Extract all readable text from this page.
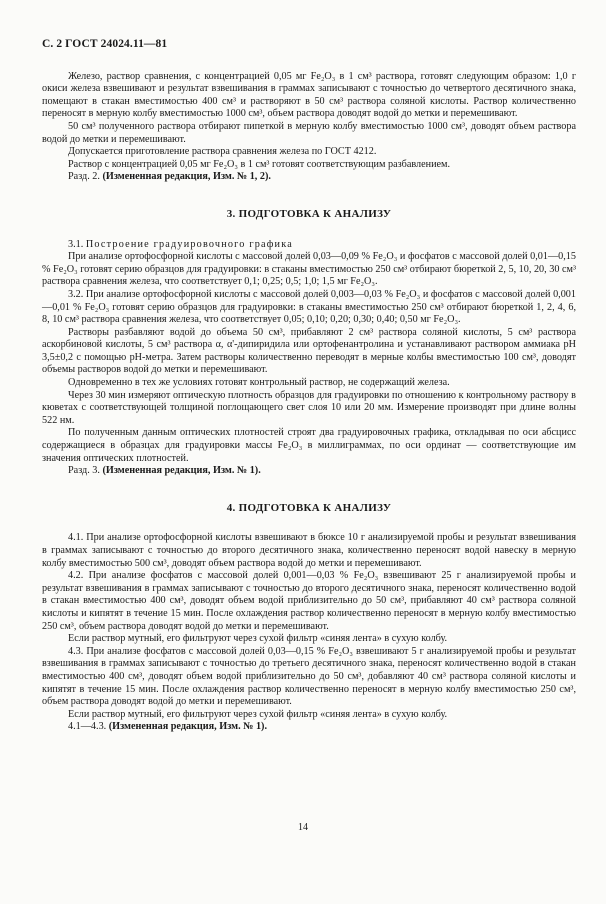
С. 2 ГОСТ 24024.11—81

Железо, раствор сравнения, с концентрацией 0,05 мг Fe₂O₃ в 1 см³ раствора, готовят следующим образом: 1,0 г окиси железа взвешивают и результат взвешивания в граммах записывают с точностью до четвертого десятичного знака, помещают в стакан вместимостью 400 см³ и растворяют в 50 см³ раствора соляной кислоты. Раствор количественно переносят в мерную колбу вместимостью 1000 см³, объем раствора доводят водой до метки и перемешивают.

50 см³ полученного раствора отбирают пипеткой в мерную колбу вместимостью 1000 см³, доводят объем раствора водой до метки и перемешивают.

Допускается приготовление раствора сравнения железа по ГОСТ 4212.

Раствор с концентрацией 0,05 мг Fe₂O₃ в 1 см³ готовят соответствующим разбавлением.

Разд. 2. (Измененная редакция, Изм. № 1, 2).

3. ПОДГОТОВКА К АНАЛИЗУ

3.1. Построение градуировочного графика

При анализе ортофосфорной кислоты с массовой долей 0,03—0,09 % Fe₂O₃ и фосфатов с массовой долей 0,01—0,15 % Fe₂O₃ готовят серию образцов для градуировки: в стаканы вместимостью 250 см³ отбирают бюреткой 2, 5, 10, 20, 30 см³ раствора сравнения железа, что соответствует 0,1; 0,25; 0,5; 1,0; 1,5 мг Fe₂O₃.

3.2. При анализе ортофосфорной кислоты с массовой долей 0,003—0,03 % Fe₂O₃ и фосфатов с массовой долей 0,001—0,01 % Fe₂O₃ готовят серию образцов для градуировки: в стаканы вместимостью 250 см³ отбирают бюреткой 1, 2, 4, 6, 8, 10 см³ раствора сравнения железа, что соответствует 0,05; 0,10; 0,20; 0,30; 0,40; 0,50 мг Fe₂O₃.

Растворы разбавляют водой до объема 50 см³, прибавляют 2 см³ раствора соляной кислоты, 5 см³ раствора аскорбиновой кислоты, 5 см³ раствора α, α'-дипиридила или ортофенантролина и устанавливают раствором аммиака рН 3,5±0,2 с помощью рН-метра. Затем растворы количественно переводят в мерные колбы вместимостью 100 см³, доводят объемы растворов водой до метки и перемешивают.

Одновременно в тех же условиях готовят контрольный раствор, не содержащий железа.

Через 30 мин измеряют оптическую плотность образцов для градуировки по отношению к контрольному раствору в кюветах с соответствующей толщиной поглощающего свет слоя 10 или 20 мм. Измерение производят при длине волны 522 нм.

По полученным данным оптических плотностей строят два градуировочных графика, откладывая по оси абсцисс содержащиеся в образцах для градуировки массы Fe₂O₃ в миллиграммах, по оси ординат — соответствующие им значения оптических плотностей.

Разд. 3. (Измененная редакция, Изм. № 1).

4. ПОДГОТОВКА К АНАЛИЗУ

4.1. При анализе ортофосфорной кислоты взвешивают в бюксе 10 г анализируемой пробы и результат взвешивания в граммах записывают с точностью до второго десятичного знака, количественно переносят водой навеску в мерную колбу вместимостью 500 см³, доводят объем раствора водой до метки и перемешивают.

4.2. При анализе фосфатов с массовой долей 0,001—0,03 % Fe₂O₃ взвешивают 25 г анализируемой пробы и результат взвешивания в граммах записывают с точностью до второго десятичного знака, переносят количественно водой в стакан вместимостью 400 см³, доводят объем водой приблизительно до 50 см³, прибавляют 40 см³ раствора соляной кислоты и кипятят в течение 15 мин. После охлаждения раствор количественно переносят в мерную колбу вместимостью 250 см³, объем раствора доводят водой до метки и перемешивают.

Если раствор мутный, его фильтруют через сухой фильтр «синяя лента» в сухую колбу.

4.3. При анализе фосфатов с массовой долей 0,03—0,15 % Fe₂O₃ взвешивают 5 г анализируемой пробы и результат взвешивания в граммах записывают с точностью до третьего десятичного знака, переносят количественно водой в стакан вместимостью 400 см³, доводят объем водой приблизительно до 50 см³, добавляют 40 см³ раствора соляной кислоты и кипятят в течение 15 мин. После охлаждения раствор количественно переносят в мерную колбу вместимостью 250 см³, объем раствора доводят водой до метки и перемешивают.

Если раствор мутный, его фильтруют через сухой фильтр «синяя лента» в сухую колбу.

4.1—4.3. (Измененная редакция, Изм. № 1).

14
